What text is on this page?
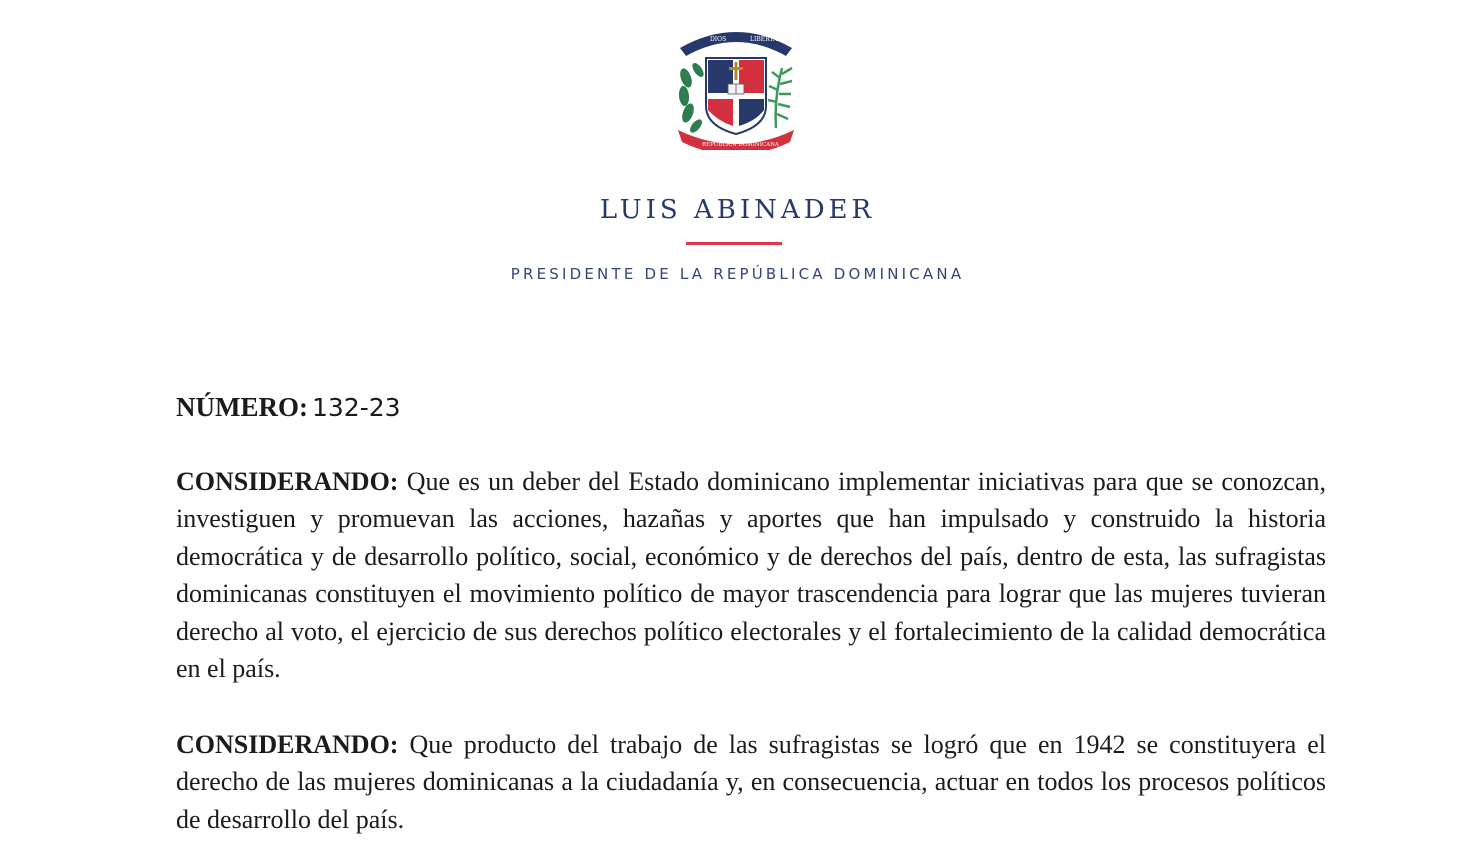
DIOS
PATRIA
LIBERTAD
REPÚBLICA DOMINICANA
LUIS ABINADER
PRESIDENTE DE LA REPÚBLICA DOMINICANA
NÚMERO: 132-23

CONSIDERANDO: Que es un deber del Estado dominicano implementar iniciativas para que se conozcan, investiguen y promuevan las acciones, hazañas y aportes que han impulsado y construido la historia democrática y de desarrollo político, social, económico y de derechos del país, dentro de esta, las sufragistas dominicanas constituyen el movimiento político de mayor trascendencia para lograr que las mujeres tuvieran derecho al voto, el ejercicio de sus derechos político electorales y el fortalecimiento de la calidad democrática en el país.

CONSIDERANDO: Que producto del trabajo de las sufragistas se logró que en 1942 se constituyera el derecho de las mujeres dominicanas a la ciudadanía y, en consecuencia, actuar en todos los procesos políticos de desarrollo del país.
